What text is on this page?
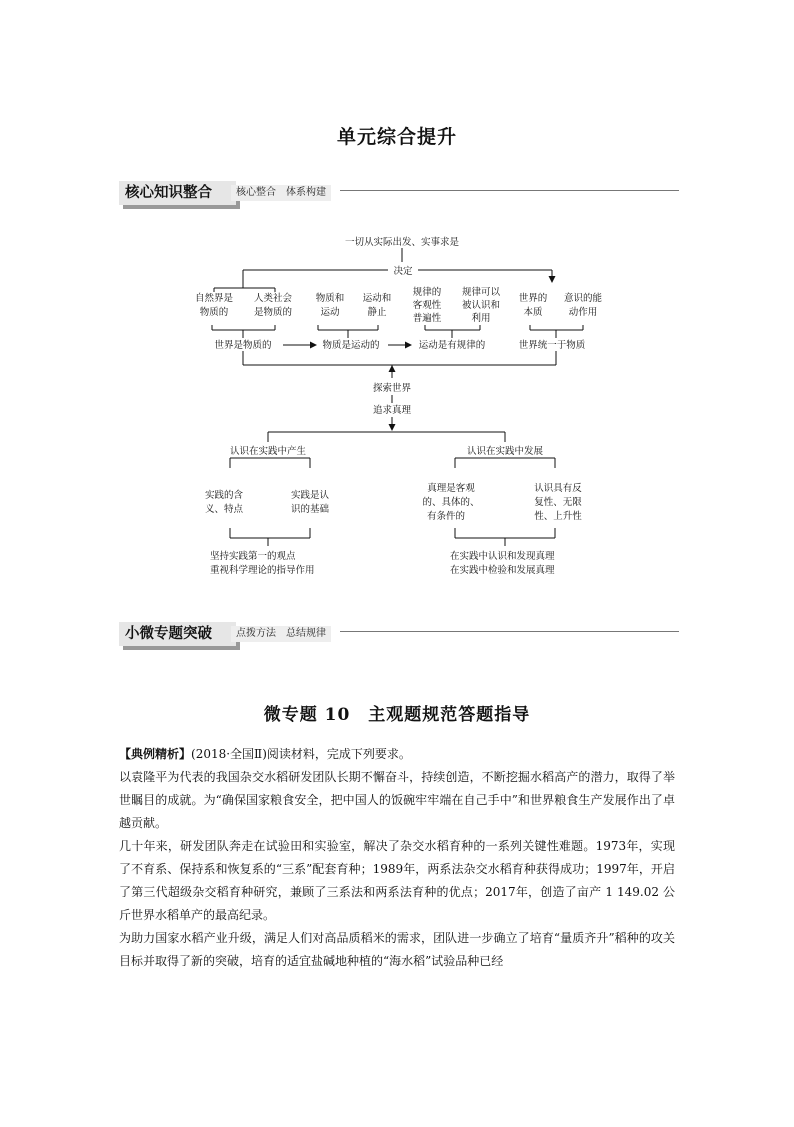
单元综合提升
核心知识整合	核心整合　体系构建
一切从实际出发、实事求是
决定
自然界是
物质的
人类社会
是物质的
物质和
运动
运动和
静止
规律的
客观性
普遍性
规律可以
被认识和
利用
世界的
本质
意识的能
动作用
世界是物质的	物质是运动的	运动是有规律的	世界统一于物质
探索世界
追求真理
认识在实践中产生	认识在实践中发展
实践的含
义、特点
实践是认
识的基础
真理是客观
的、具体的、
有条件的
认识具有反
复性、无限
性、上升性
坚持实践第一的观点
重视科学理论的指导作用
在实践中认识和发现真理
在实践中检验和发展真理
小微专题突破	点拨方法　总结规律
微专题 10　主观题规范答题指导

【典例精析】(2018·全国Ⅱ)阅读材料，完成下列要求。

以袁隆平为代表的我国杂交水稻研发团队长期不懈奋斗，持续创造，不断挖掘水稻高产的潜力，取得了举世瞩目的成就。为“确保国家粮食安全，把中国人的饭碗牢牢端在自己手中”和世界粮食生产发展作出了卓越贡献。

几十年来，研发团队奔走在试验田和实验室，解决了杂交水稻育种的一系列关键性难题。1973年，实现了不育系、保持系和恢复系的“三系”配套育种；1989年，两系法杂交水稻育种获得成功；1997年，开启了第三代超级杂交稻育种研究，兼顾了三系法和两系法育种的优点；2017年，创造了亩产 1 149.02 公斤世界水稻单产的最高纪录。

为助力国家水稻产业升级，满足人们对高品质稻米的需求，团队进一步确立了培育“量质齐升”稻种的攻关目标并取得了新的突破，培育的适宜盐碱地种植的“海水稻”试验品种已经
